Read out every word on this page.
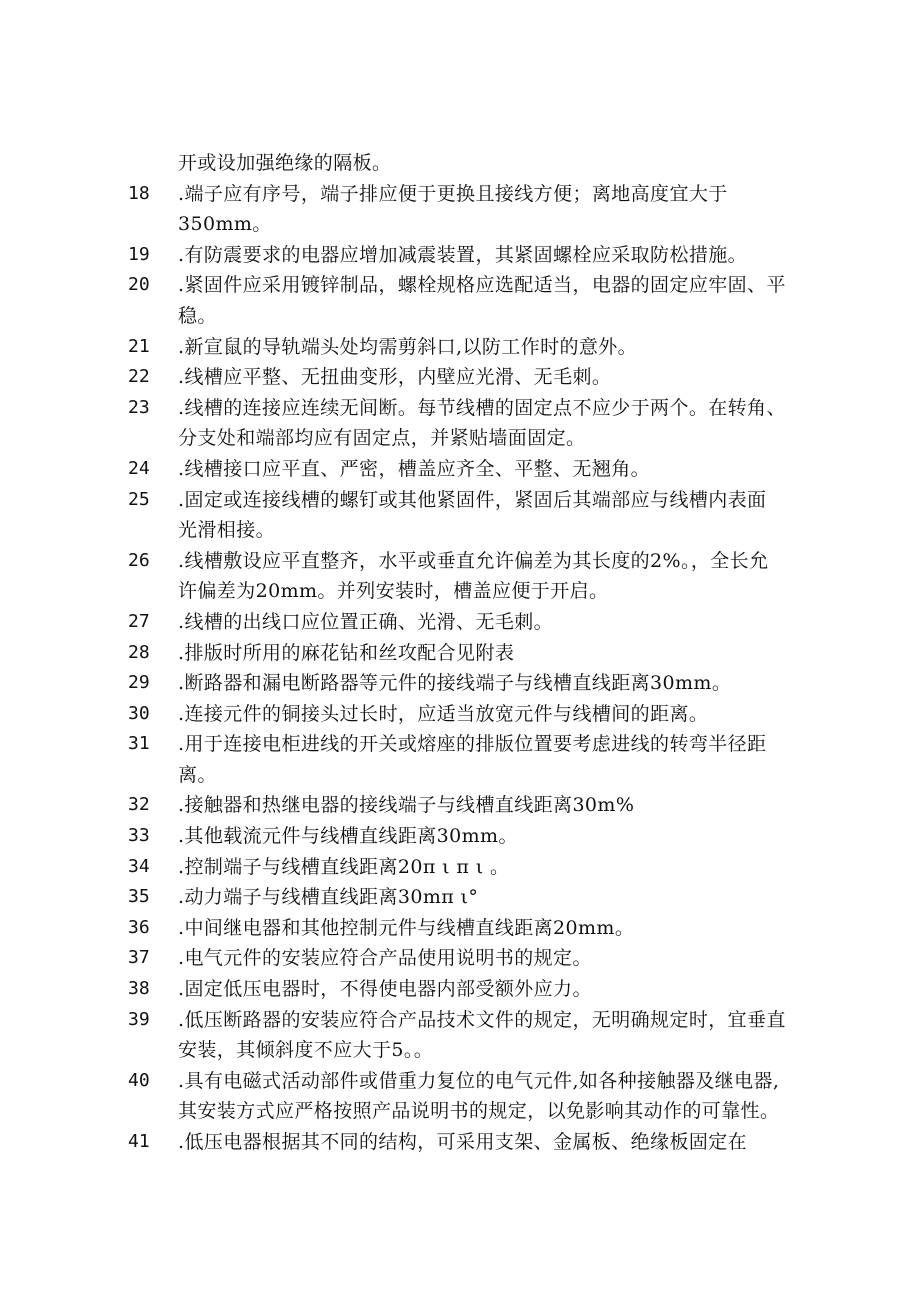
开或设加强绝缘的隔板。
18	.端子应有序号，端子排应便于更换且接线方便；离地高度宜大于
350mm。
19	.有防震要求的电器应增加减震装置，其紧固螺栓应采取防松措施。
20	.紧固件应采用镀锌制品，螺栓规格应选配适当，电器的固定应牢固、平
稳。
21	.新宣鼠的导轨端头处均需剪斜口,以防工作时的意外。
22	.线槽应平整、无扭曲变形，内壁应光滑、无毛刺。
23	.线槽的连接应连续无间断。每节线槽的固定点不应少于两个。在转角、
分支处和端部均应有固定点，并紧贴墙面固定。
24	.线槽接口应平直、严密，槽盖应齐全、平整、无翘角。
25	.固定或连接线槽的螺钉或其他紧固件，紧固后其端部应与线槽内表面
光滑相接。
26	.线槽敷设应平直整齐，水平或垂直允许偏差为其长度的2%。，全长允
许偏差为20mm。并列安装时，槽盖应便于开启。
27	.线槽的出线口应位置正确、光滑、无毛刺。
28	.排版时所用的麻花钻和丝攻配合见附表
29	.断路器和漏电断路器等元件的接线端子与线槽直线距离30mm。
30	.连接元件的铜接头过长时，应适当放宽元件与线槽间的距离。
31	.用于连接电柜进线的开关或熔座的排版位置要考虑进线的转弯半径距
离。
32	.接触器和热继电器的接线端子与线槽直线距离30m%
33	.其他载流元件与线槽直线距离30mm。
34	.控制端子与线槽直线距离20π ι π ι 。
35	.动力端子与线槽直线距离30mπ ι°
36	.中间继电器和其他控制元件与线槽直线距离20mm。
37	.电气元件的安装应符合产品使用说明书的规定。
38	.固定低压电器时，不得使电器内部受额外应力。
39	.低压断路器的安装应符合产品技术文件的规定，无明确规定时，宜垂直
安装，其倾斜度不应大于5。。
40	.具有电磁式活动部件或借重力复位的电气元件,如各种接触器及继电器,
其安装方式应严格按照产品说明书的规定，以免影响其动作的可靠性。
41	.低压电器根据其不同的结构，可采用支架、金属板、绝缘板固定在
